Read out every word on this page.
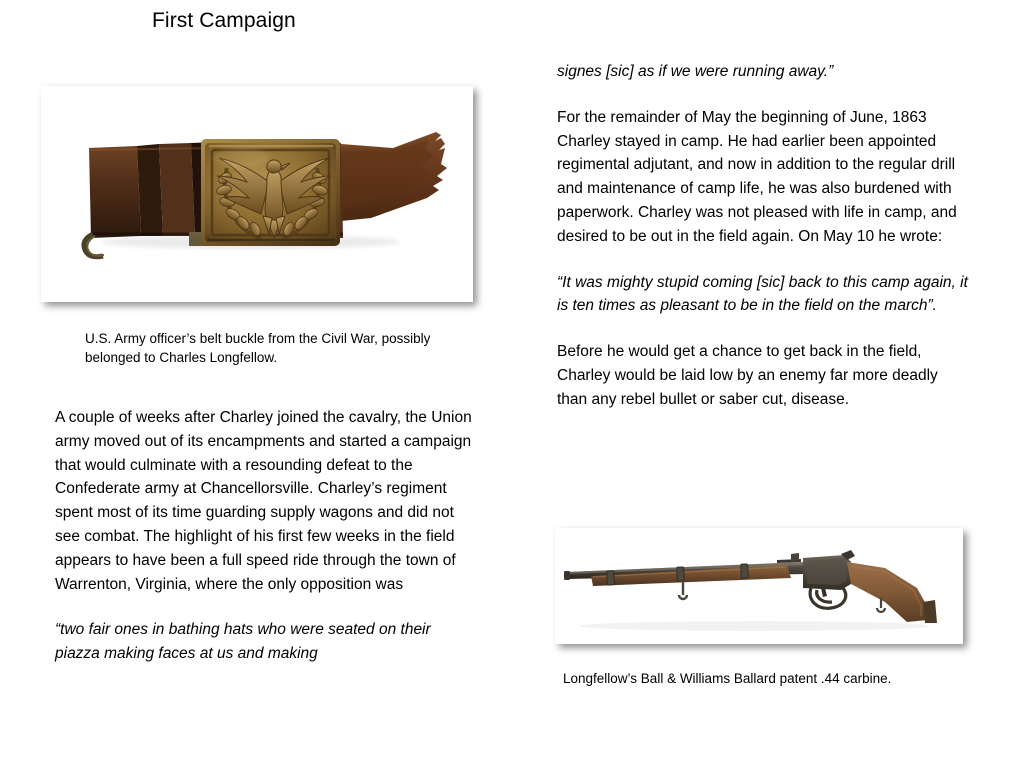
First Campaign
U.S. Army officer’s belt buckle from the Civil War, possibly belonged to Charles Longfellow.

A couple of weeks after Charley joined the cavalry, the Union army moved out of its encampments and started a campaign that would culminate with a resounding defeat to the Confederate army at Chancellorsville. Charley’s regiment spent most of its time guarding supply wagons and did not see combat. The highlight of his first few weeks in the field appears to have been a full speed ride through the town of Warrenton, Virginia, where the only opposition was

“two fair ones in bathing hats who were seated on their piazza making faces at us and making

signes [sic] as if we were running away.”

For the remainder of May the beginning of June, 1863 Charley stayed in camp. He had earlier been appointed regimental adjutant, and now in addition to the regular drill and maintenance of camp life, he was also burdened with paperwork. Charley was not pleased with life in camp, and desired to be out in the field again. On May 10 he wrote:

“It was mighty stupid coming [sic] back to this camp again, it is ten times as pleasant to be in the field on the march”.

Before he would get a chance to get back in the field, Charley would be laid low by an enemy far more deadly than any rebel bullet or saber cut, disease.

Longfellow’s Ball & Williams Ballard patent .44 carbine.
